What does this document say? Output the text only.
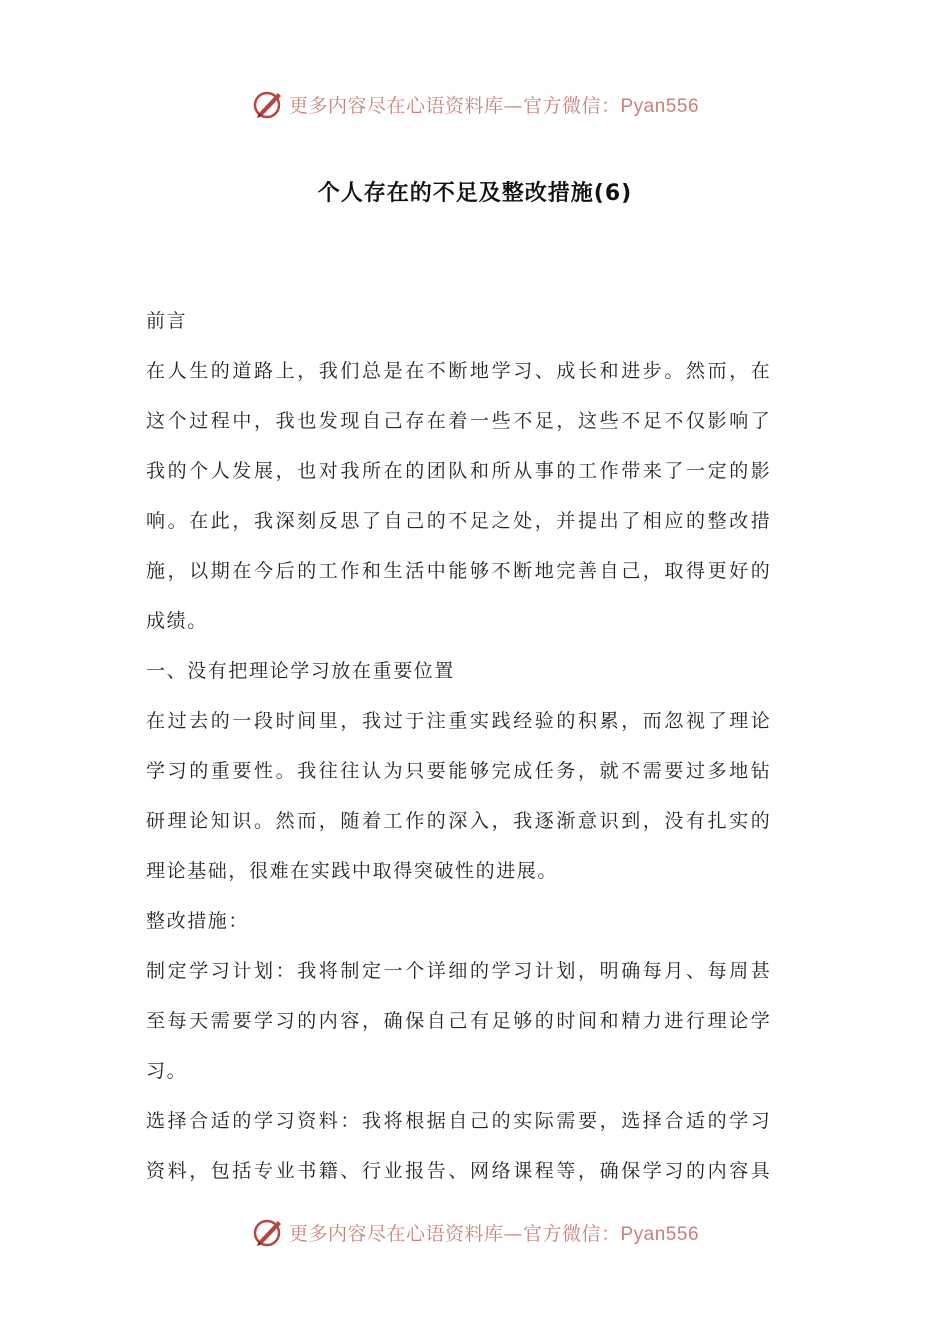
更多内容尽在心语资料库—官方微信：Pyan556
个人存在的不足及整改措施(6)
前言
在人生的道路上，我们总是在不断地学习、成长和进步。然而，在
这个过程中，我也发现自己存在着一些不足，这些不足不仅影响了
我的个人发展，也对我所在的团队和所从事的工作带来了一定的影
响。在此，我深刻反思了自己的不足之处，并提出了相应的整改措
施，以期在今后的工作和生活中能够不断地完善自己，取得更好的
成绩。
一、没有把理论学习放在重要位置
在过去的一段时间里，我过于注重实践经验的积累，而忽视了理论
学习的重要性。我往往认为只要能够完成任务，就不需要过多地钻
研理论知识。然而，随着工作的深入，我逐渐意识到，没有扎实的
理论基础，很难在实践中取得突破性的进展。
整改措施：
制定学习计划：我将制定一个详细的学习计划，明确每月、每周甚
至每天需要学习的内容，确保自己有足够的时间和精力进行理论学
习。
选择合适的学习资料：我将根据自己的实际需要，选择合适的学习
资料，包括专业书籍、行业报告、网络课程等，确保学习的内容具
更多内容尽在心语资料库—官方微信：Pyan556
